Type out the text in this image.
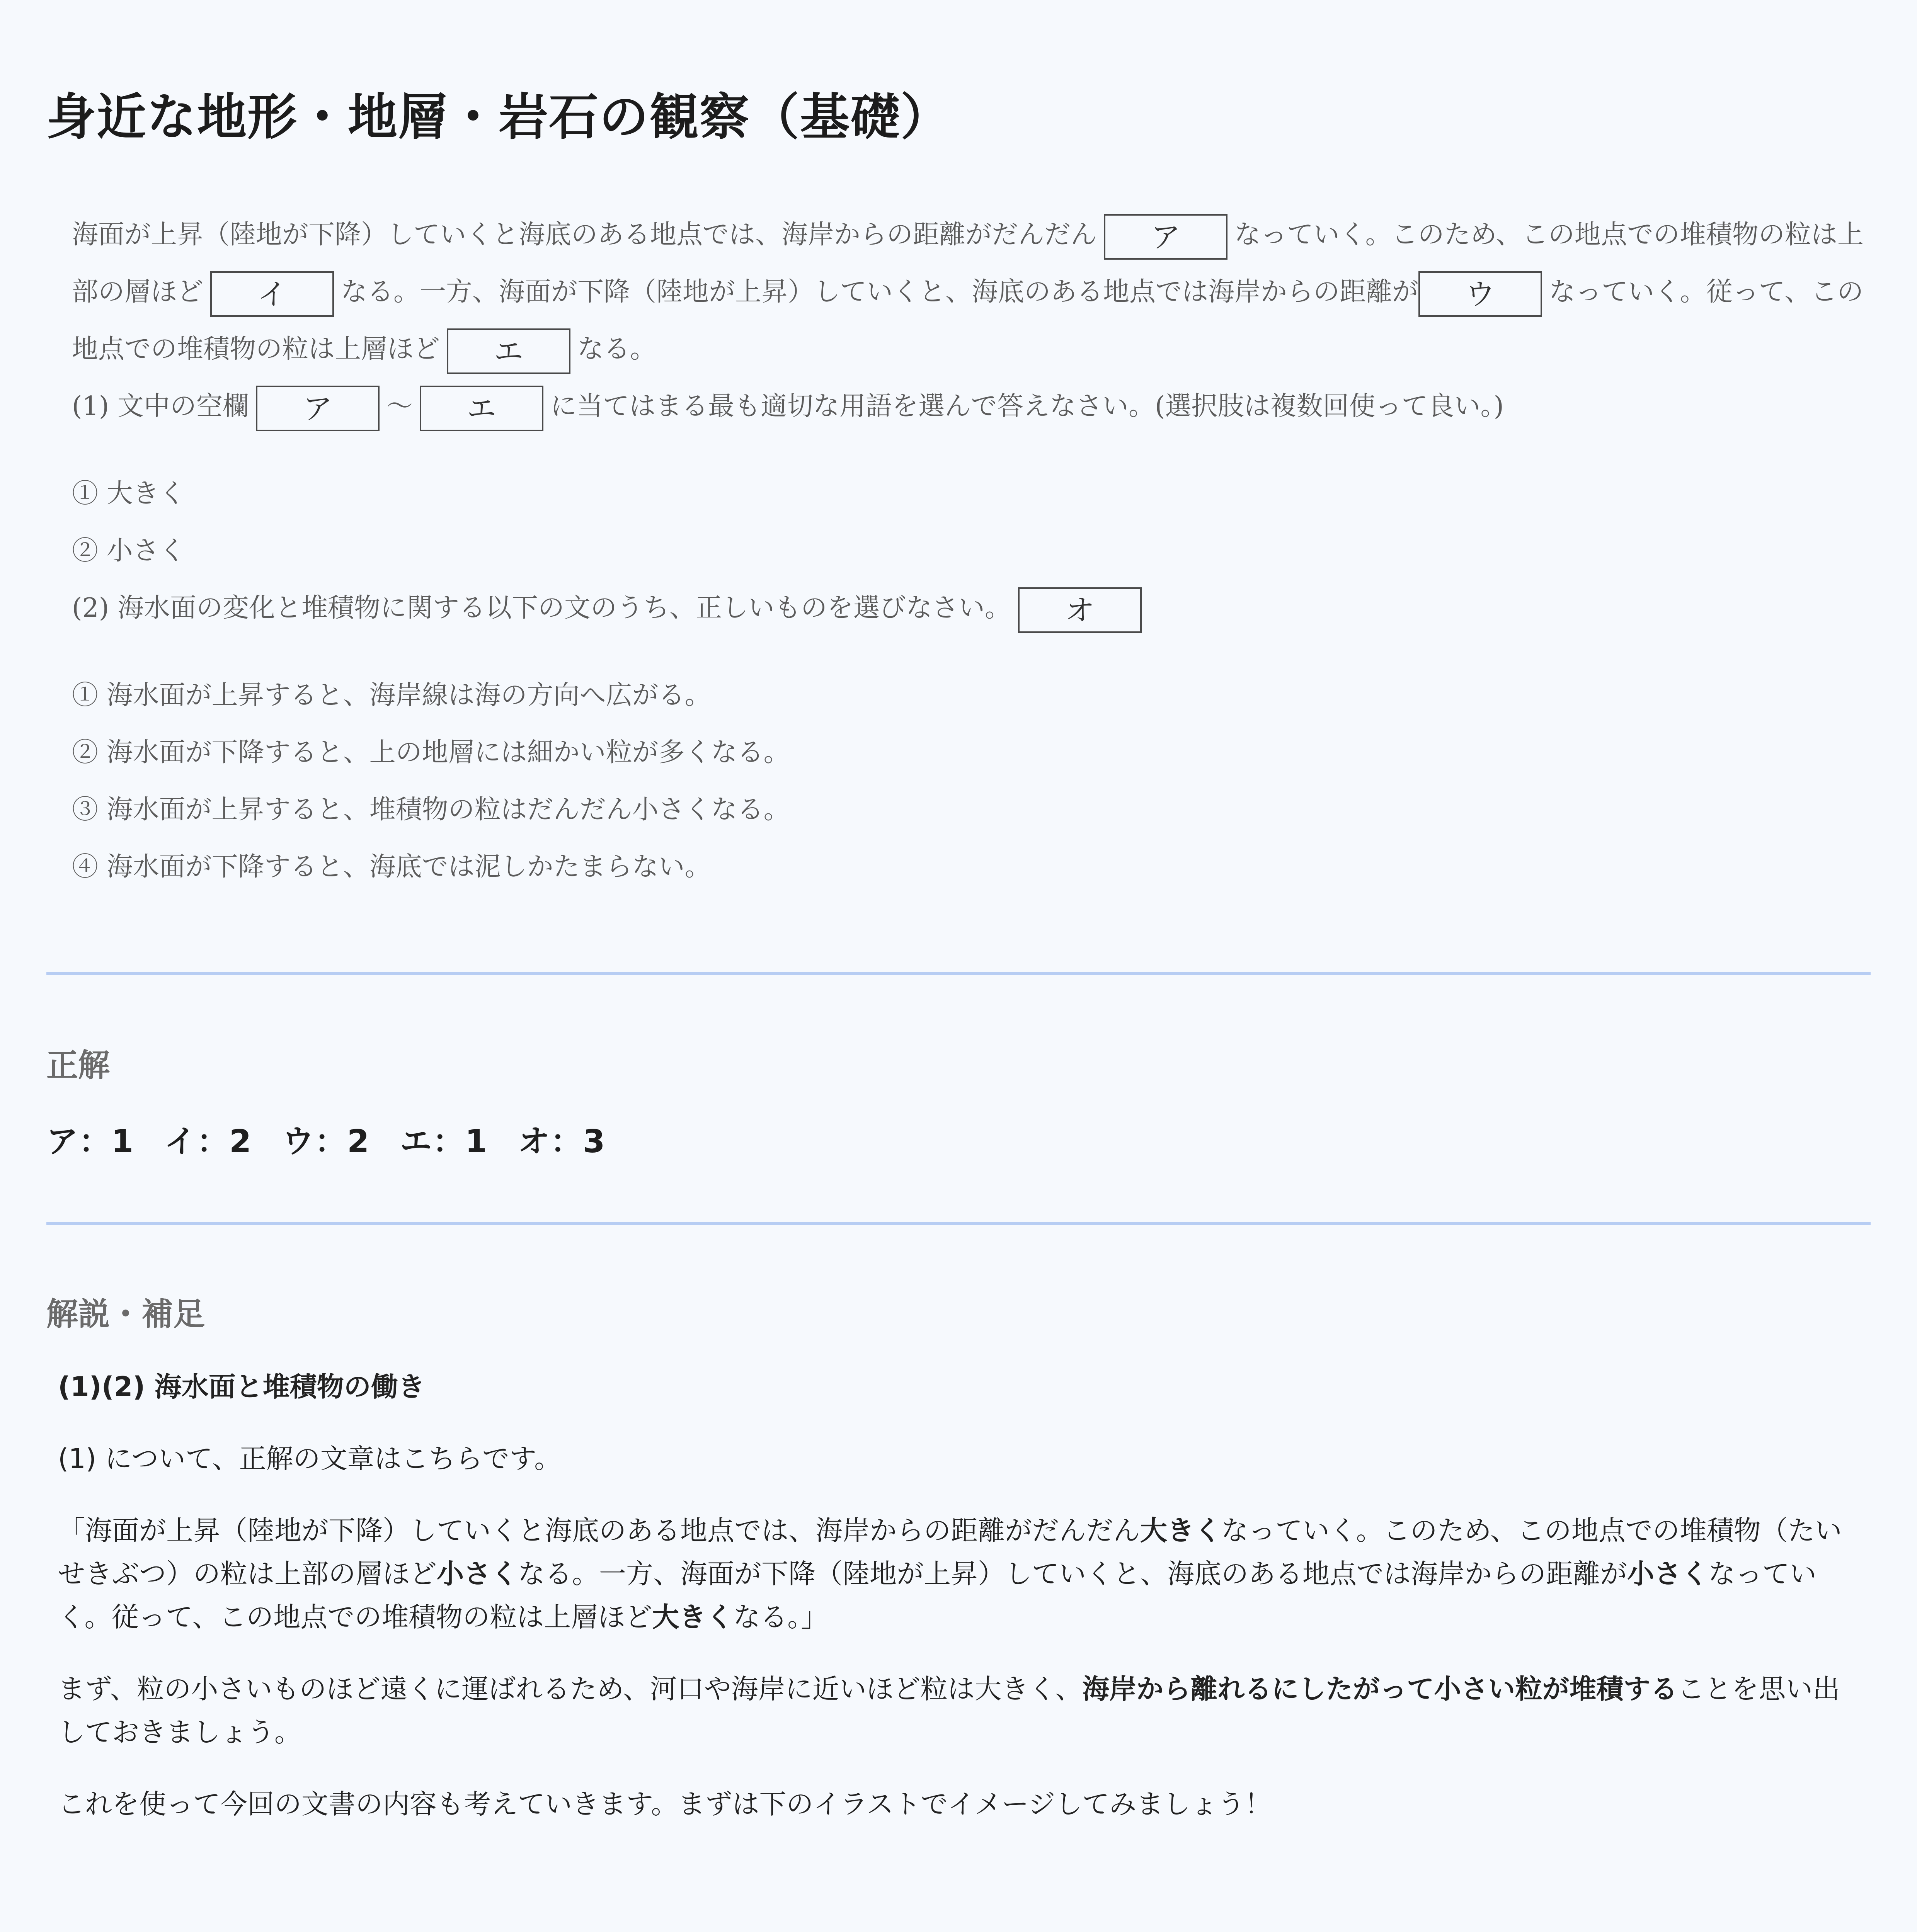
身近な地形・地層・岩石の観察（基礎）

海面が上昇（陸地が下降）していくと海底のある地点では、海岸からの距離がだんだん ア なっていく。このため、この地点での堆積物の粒は上部の層ほど イ なる。一方、海面が下降（陸地が上昇）していくと、海底のある地点では海岸からの距離が ウ なっていく。従って、この地点での堆積物の粒は上層ほど エ なる。

(1) 文中の空欄 ア 〜 エ に当てはまる最も適切な用語を選んで答えなさい。(選択肢は複数回使って良い。)

① 大きく
② 小さく

(2) 海水面の変化と堆積物に関する以下の文のうち、正しいものを選びなさい。 オ

① 海水面が上昇すると、海岸線は海の方向へ広がる。
② 海水面が下降すると、上の地層には細かい粒が多くなる。
③ 海水面が上昇すると、堆積物の粒はだんだん小さくなる。
④ 海水面が下降すると、海底では泥しかたまらない。
正解
ア：1 イ：2 ウ：2 エ：1 オ：3
解説・補足

(1)(2) 海水面と堆積物の働き

(1) について、正解の文章はこちらです。

「海面が上昇（陸地が下降）していくと海底のある地点では、海岸からの距離がだんだん大きくなっていく。このため、この地点での堆積物（たいせきぶつ）の粒は上部の層ほど小さくなる。一方、海面が下降（陸地が上昇）していくと、海底のある地点では海岸からの距離が小さくなっていく。従って、この地点での堆積物の粒は上層ほど大きくなる。」

まず、粒の小さいものほど遠くに運ばれるため、河口や海岸に近いほど粒は大きく、海岸から離れるにしたがって小さい粒が堆積することを思い出しておきましょう。

これを使って今回の文書の内容も考えていきます。まずは下のイラストでイメージしてみましょう！
